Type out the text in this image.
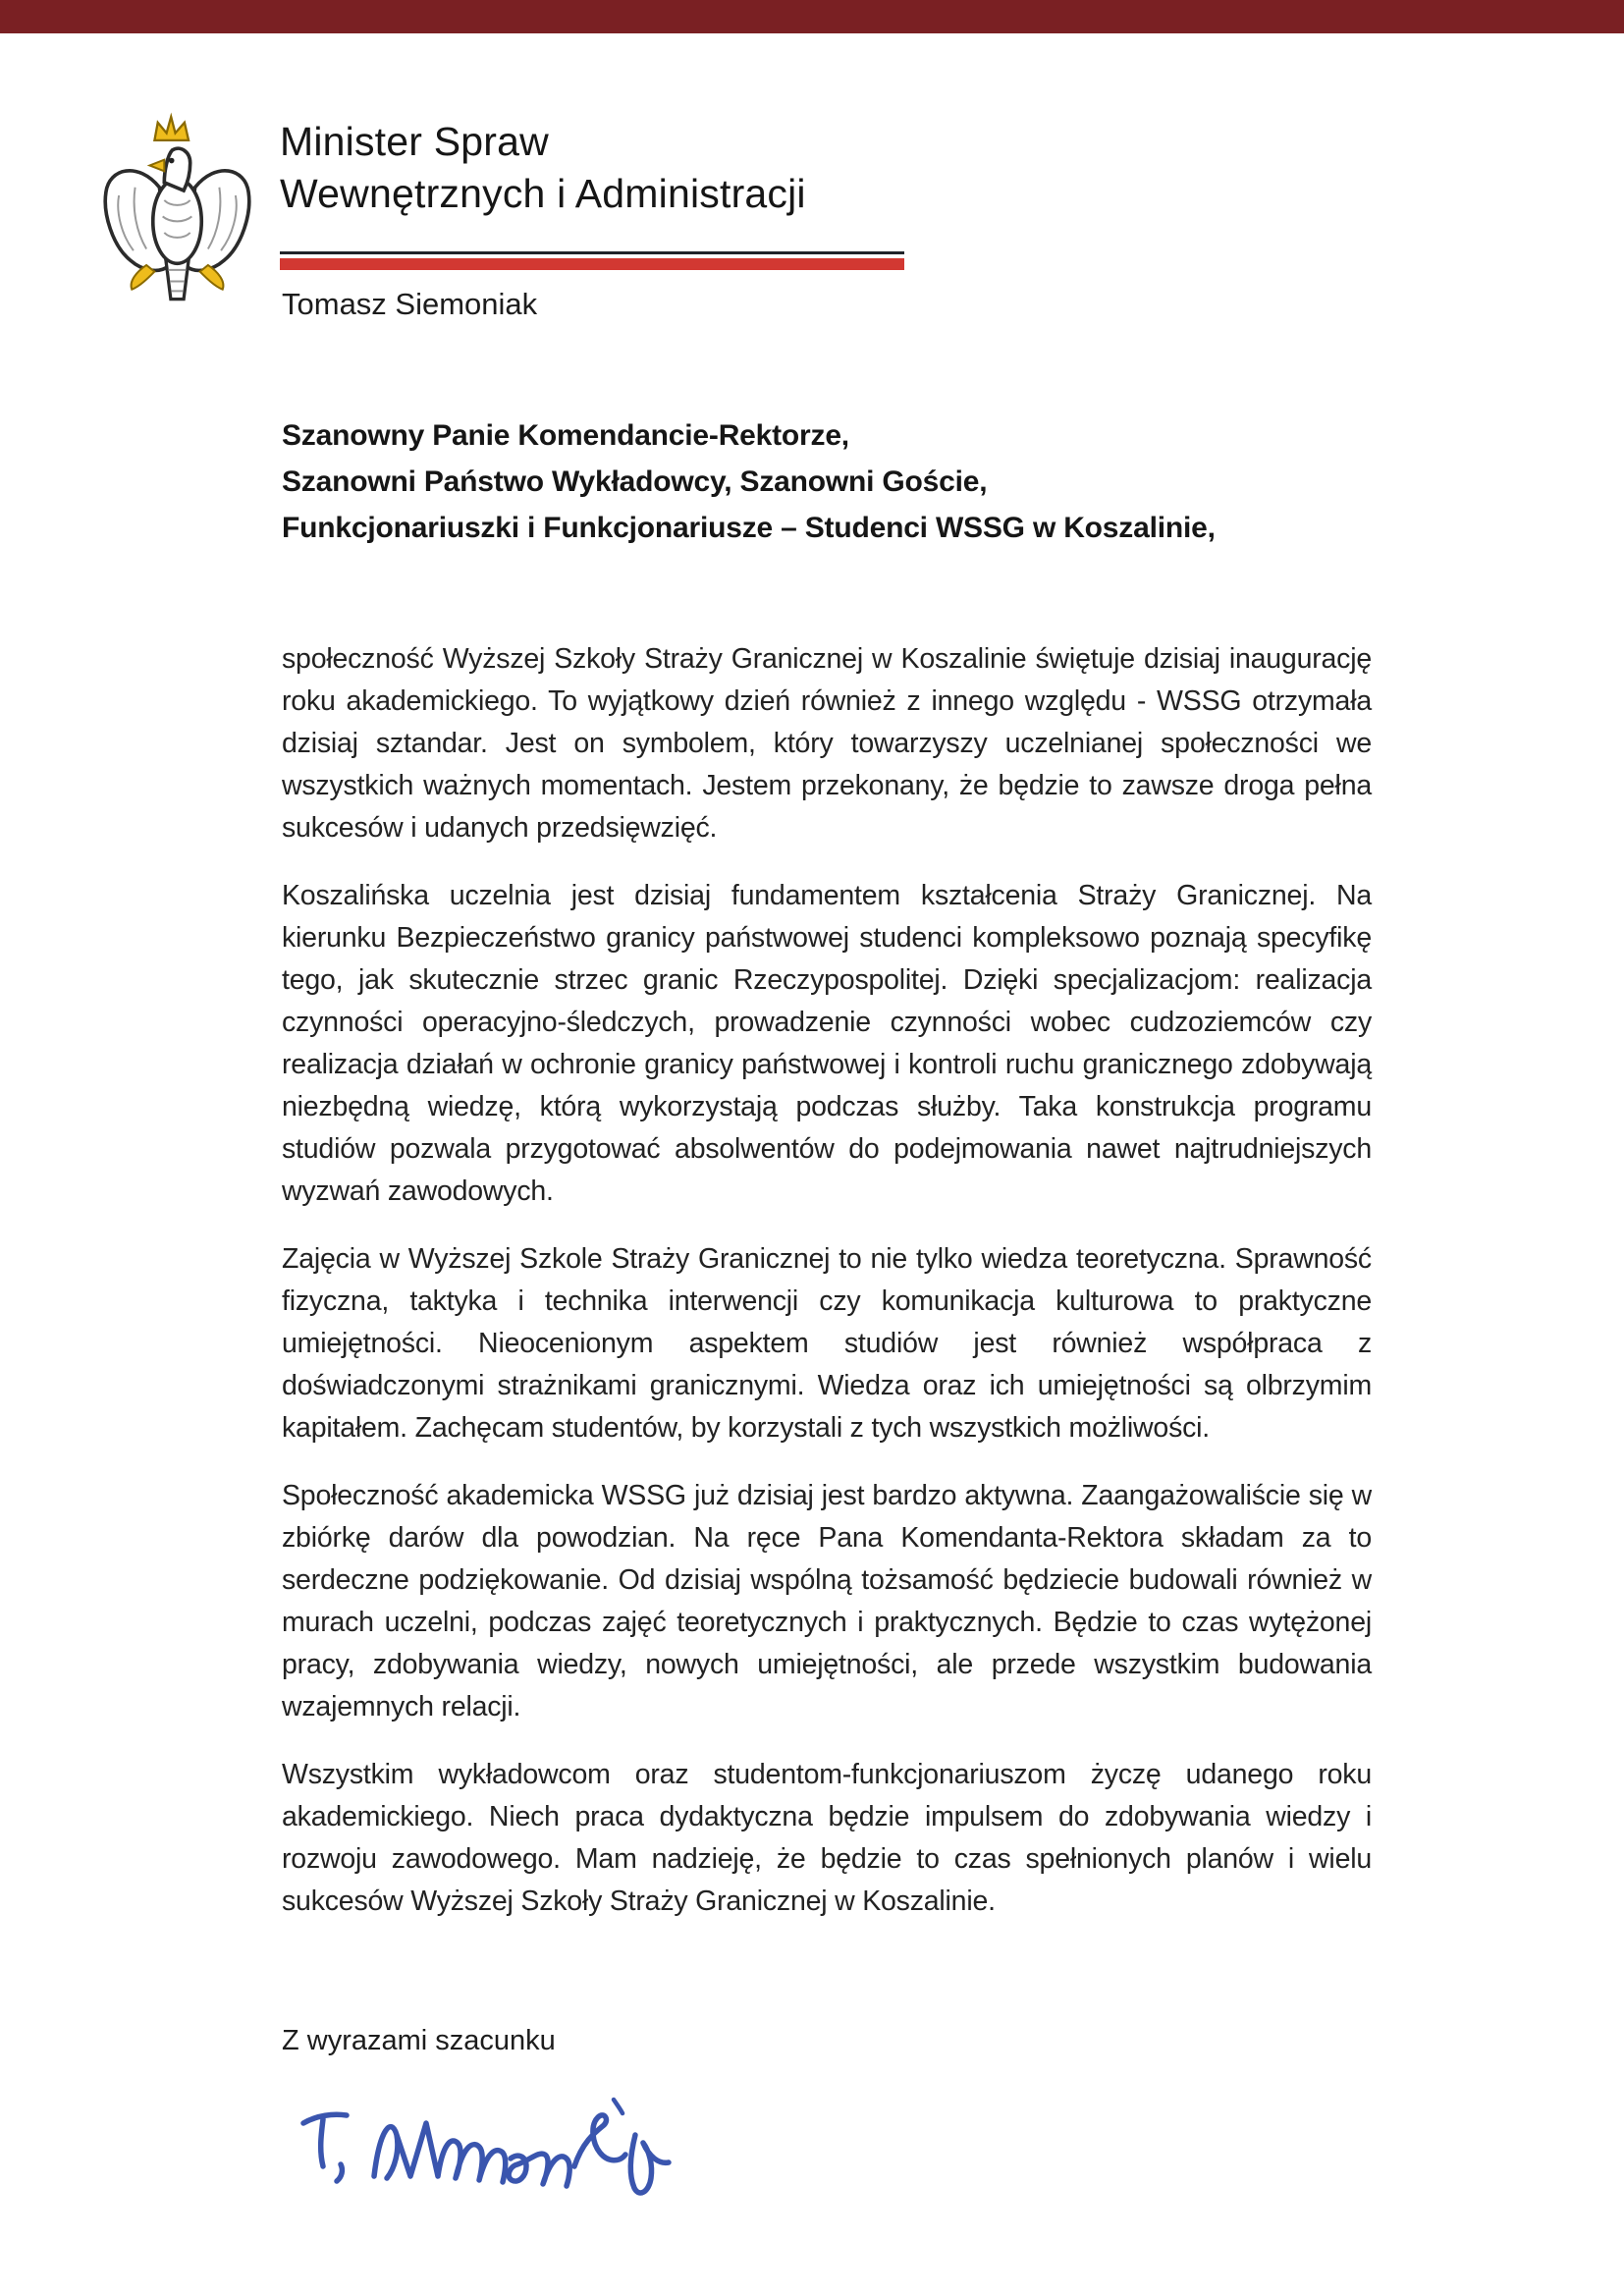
Minister Spraw
Wewnętrznych i Administracji
Tomasz Siemoniak
Szanowny Panie Komendancie-Rektorze,
Szanowni Państwo Wykładowcy, Szanowni Goście,
Funkcjonariuszki i Funkcjonariusze – Studenci WSSG w Koszalinie,

społeczność Wyższej Szkoły Straży Granicznej w Koszalinie świętuje dzisiaj inaugurację roku akademickiego. To wyjątkowy dzień również z innego względu - WSSG otrzymała dzisiaj sztandar. Jest on symbolem, który towarzyszy uczelnianej społeczności we wszystkich ważnych momentach. Jestem przekonany, że będzie to zawsze droga pełna sukcesów i udanych przedsięwzięć.

Koszalińska uczelnia jest dzisiaj fundamentem kształcenia Straży Granicznej. Na kierunku Bezpieczeństwo granicy państwowej studenci kompleksowo poznają specyfikę tego, jak skutecznie strzec granic Rzeczypospolitej. Dzięki specjalizacjom: realizacja czynności operacyjno-śledczych, prowadzenie czynności wobec cudzoziemców czy realizacja działań w ochronie granicy państwowej i kontroli ruchu granicznego zdobywają niezbędną wiedzę, którą wykorzystają podczas służby. Taka konstrukcja programu studiów pozwala przygotować absolwentów do podejmowania nawet najtrudniejszych wyzwań zawodowych.

Zajęcia w Wyższej Szkole Straży Granicznej to nie tylko wiedza teoretyczna. Sprawność fizyczna, taktyka i technika interwencji czy komunikacja kulturowa to praktyczne umiejętności. Nieocenionym aspektem studiów jest również współpraca z doświadczonymi strażnikami granicznymi. Wiedza oraz ich umiejętności są olbrzymim kapitałem. Zachęcam studentów, by korzystali z tych wszystkich możliwości.

Społeczność akademicka WSSG już dzisiaj jest bardzo aktywna. Zaangażowaliście się w zbiórkę darów dla powodzian. Na ręce Pana Komendanta-Rektora składam za to serdeczne podziękowanie. Od dzisiaj wspólną tożsamość będziecie budowali również w murach uczelni, podczas zajęć teoretycznych i praktycznych. Będzie to czas wytężonej pracy, zdobywania wiedzy, nowych umiejętności, ale przede wszystkim budowania wzajemnych relacji.

Wszystkim wykładowcom oraz studentom-funkcjonariuszom życzę udanego roku akademickiego. Niech praca dydaktyczna będzie impulsem do zdobywania wiedzy i rozwoju zawodowego. Mam nadzieję, że będzie to czas spełnionych planów i wielu sukcesów Wyższej Szkoły Straży Granicznej w Koszalinie.

Z wyrazami szacunku
